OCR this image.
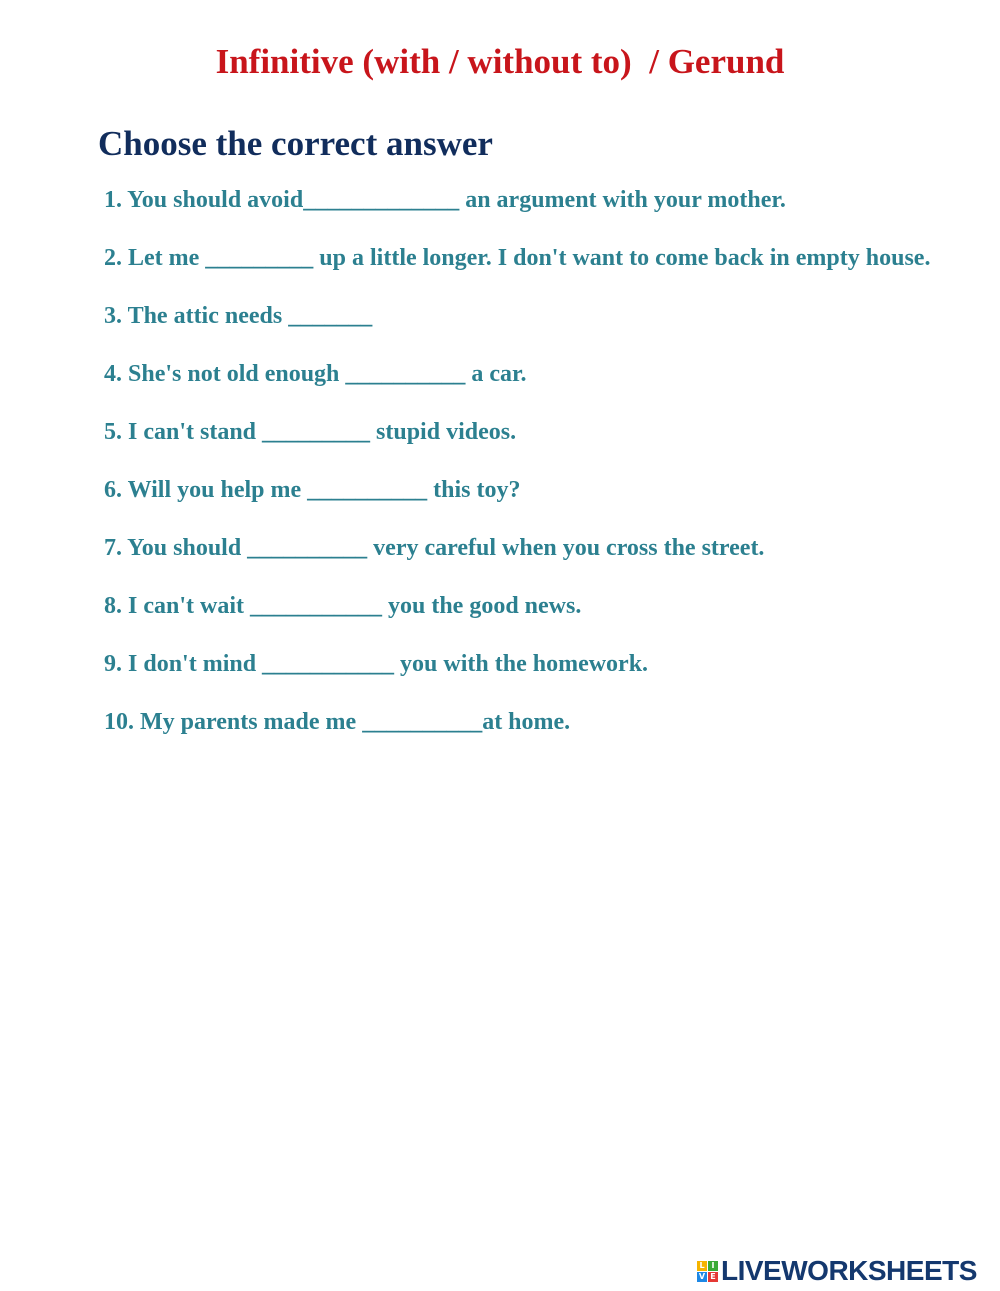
Infinitive (with / without to)  / Gerund
Choose the correct answer
1. You should avoid_____________ an argument with your mother.
2. Let me _________ up a little longer. I don't want to come back in empty house.
3. The attic needs _______
4. She's not old enough __________ a car.
5. I can't stand _________ stupid videos.
6. Will you help me __________ this toy?
7. You should __________ very careful when you cross the street.
8. I can't wait ___________ you the good news.
9. I don't mind ___________ you with the homework.
10. My parents made me __________at home.
L I
V E LIVEWORKSHEETS
